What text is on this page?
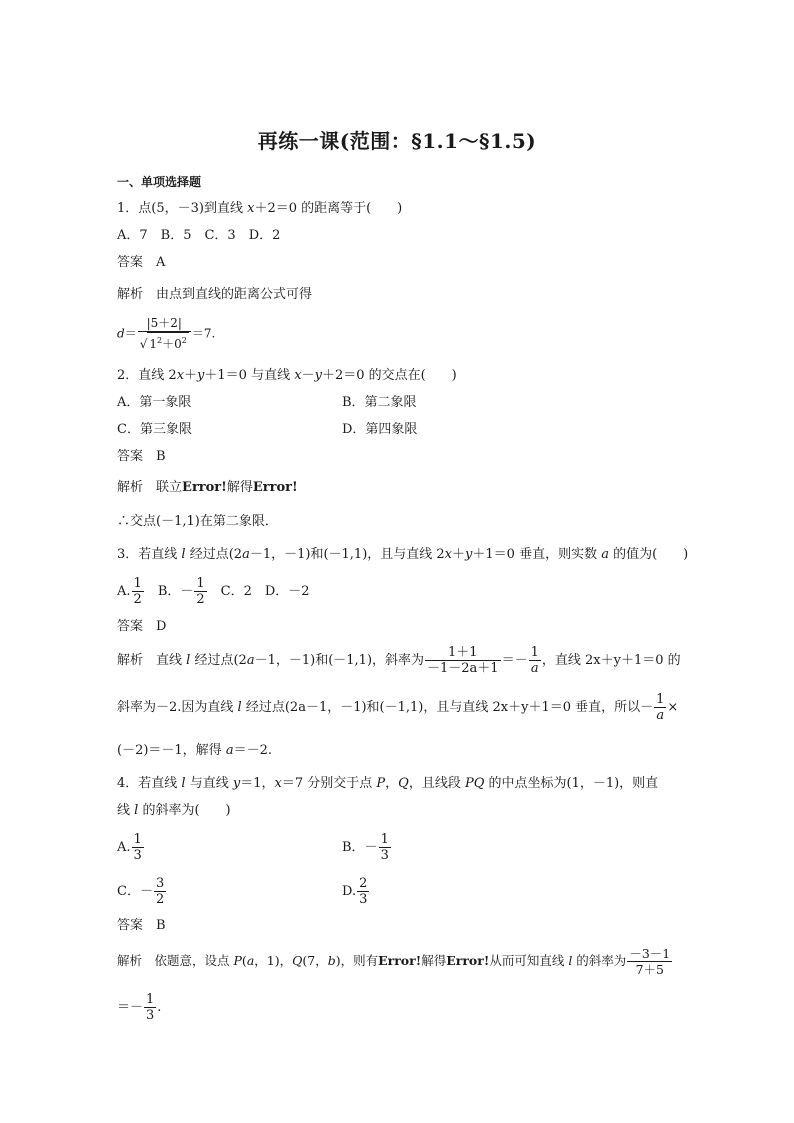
再练一课(范围：§1.1～§1.5)
一、单项选择题
1．点(5，－3)到直线 x＋2＝0 的距离等于(　　)
A．7　B．5　C．3　D．2
答案　A
解析　由点到直线的距离公式可得
$d= \frac{|5+2|}{√ 1^2+0^2} =7$.
2．直线 2x＋y＋1＝0 与直线 x－y＋2＝0 的交点在(　　)
A．第一象限	B．第二象限
C．第三象限	D．第四象限
答案　B
解析　联立Error!解得Error!
∴交点(－1,1)在第二象限．
3．若直线 l 经过点(2a－1，－1)和(－1,1)，且与直线 2x＋y＋1＝0 垂直，则实数 a 的值为(　　)
A. $\frac{1}{2}$ 　B．－ $\frac{1}{2}$ 　C．2　D．－2
答案　D
解析　直线 l 经过点(2a－1，－1)和(－1,1)，斜率为 $\frac{1+1}{-1-2a+1} =- \frac{1}{a}$ ，直线 2x＋y＋1＝0 的
斜率为－2.因为直线 l 经过点(2a－1，－1)和(－1,1)，且与直线 2x＋y＋1＝0 垂直，所以－ $\frac{1}{a}$ ×
(－2)＝－1，解得 a＝－2.
4．若直线 l 与直线 y＝1，x＝7 分别交于点 P，Q，且线段 PQ 的中点坐标为(1，－1)，则直
线 l 的斜率为(　　)
A. $\frac{1}{3}$	B．－ $\frac{1}{3}$
C．－ $\frac{3}{2}$	D. $\frac{2}{3}$
答案　B
解析　依题意，设点 P(a，1)，Q(7，b)，则有Error!解得Error!从而可知直线 l 的斜率为 $\frac{-3-1}{7+5}$
＝－ $\frac{1}{3}$ .
